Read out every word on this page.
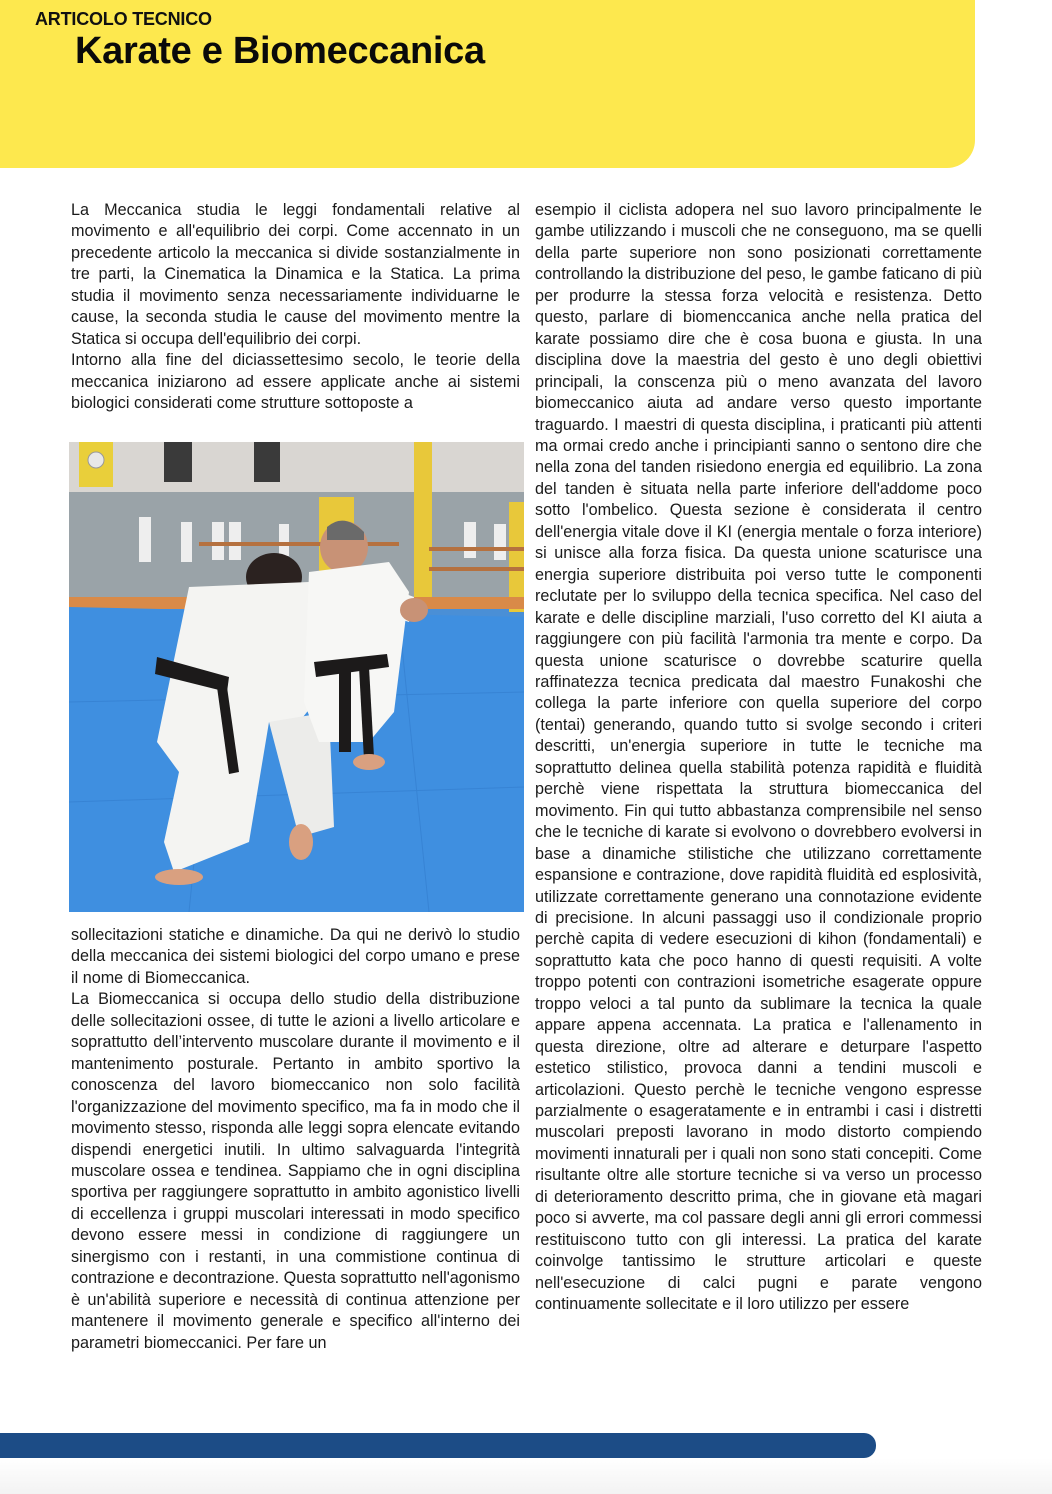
ARTICOLO TECNICO
Karate e Biomeccanica

La Meccanica studia le leggi fondamentali relative al movimento e all'equilibrio dei corpi. Come accennato in un precedente articolo la meccanica si divide sostanzialmente in tre parti, la Cinematica la Dinamica e la Statica. La prima studia il movimento senza necessariamente individuarne le cause, la seconda studia le cause del movimento mentre la Statica si occupa dell'equilibrio dei corpi.

Intorno alla fine del diciassettesimo secolo, le teorie della meccanica iniziarono ad essere applicate anche ai sistemi biologici considerati come strutture sottoposte a

sollecitazioni statiche e dinamiche. Da qui ne derivò lo studio della meccanica dei sistemi biologici del corpo umano e prese il nome di Biomeccanica.

La Biomeccanica si occupa dello studio della distribuzione delle sollecitazioni ossee, di tutte le azioni a livello articolare e soprattutto dell’intervento muscolare durante il movimento e il mantenimento posturale. Pertanto in ambito sportivo la conoscenza del lavoro biomeccanico non solo facilità l'organizzazione del movimento specifico, ma fa in modo che il movimento stesso, risponda alle leggi sopra elencate evitando dispendi energetici inutili. In ultimo salvaguarda l'integrità muscolare ossea e tendinea. Sappiamo che in ogni disciplina sportiva per raggiungere soprattutto in ambito agonistico livelli di eccellenza i gruppi muscolari interessati in modo specifico devono essere messi in condizione di raggiungere un sinergismo con i restanti, in una commistione continua di contrazione e decontrazione. Questa soprattutto nell'agonismo è un'abilità superiore e necessità di continua attenzione per mantenere il movimento generale e specifico all'interno dei parametri biomeccanici. Per fare un

esempio il ciclista adopera nel suo lavoro principalmente le gambe utilizzando i muscoli che ne conseguono, ma se quelli della parte superiore non sono posizionati correttamente controllando la distribuzione del peso, le gambe faticano di più per produrre la stessa forza velocità e resistenza. Detto questo, parlare di biomenccanica anche nella pratica del karate possiamo dire che è cosa buona e giusta. In una disciplina dove la maestria del gesto è uno degli obiettivi principali, la conscenza più o meno avanzata del lavoro biomeccanico aiuta ad andare verso questo importante traguardo. I maestri di questa disciplina, i praticanti più attenti ma ormai credo anche i principianti sanno o sentono dire che nella zona del tanden risiedono energia ed equilibrio. La zona del tanden è situata nella parte inferiore dell'addome poco sotto l'ombelico. Questa sezione è considerata il centro dell'energia vitale dove il KI (energia mentale o forza interiore) si unisce alla forza fisica. Da questa unione scaturisce una energia superiore distribuita poi verso tutte le componenti reclutate per lo sviluppo della tecnica specifica. Nel caso del karate e delle discipline marziali, l'uso corretto del KI aiuta a raggiungere con più facilità l'armonia tra mente e corpo. Da questa unione scaturisce o dovrebbe scaturire quella raffinatezza tecnica predicata dal maestro Funakoshi che collega la parte inferiore con quella superiore del corpo (tentai) generando, quando tutto si svolge secondo i criteri descritti, un'energia superiore in tutte le tecniche ma soprattutto delinea quella stabilità potenza rapidità e fluidità perchè viene rispettata la struttura biomeccanica del movimento. Fin qui tutto abbastanza comprensibile nel senso che le tecniche di karate si evolvono o dovrebbero evolversi in base a dinamiche stilistiche che utilizzano correttamente espansione e contrazione, dove rapidità fluidità ed esplosività, utilizzate correttamente generano una connotazione evidente di precisione. In alcuni passaggi uso il condizionale proprio perchè capita di vedere esecuzioni di kihon (fondamentali) e soprattutto kata che poco hanno di questi requisiti. A volte troppo potenti con contrazioni isometriche esagerate oppure troppo veloci a tal punto da sublimare la tecnica la quale appare appena accennata. La pratica e l'allenamento in questa direzione, oltre ad alterare e deturpare l'aspetto estetico stilistico, provoca danni a tendini muscoli e articolazioni. Questo perchè le tecniche vengono espresse parzialmente o esageratamente e in entrambi i casi i distretti muscolari preposti lavorano in modo distorto compiendo movimenti innaturali per i quali non sono stati concepiti. Come risultante oltre alle storture tecniche si va verso un processo di deterioramento descritto prima, che in giovane età magari poco si avverte, ma col passare degli anni gli errori commessi restituiscono tutto con gli interessi. La pratica del karate coinvolge tantissimo le strutture articolari e queste nell'esecuzione di calci pugni e parate vengono continuamente sollecitate e il loro utilizzo per essere
